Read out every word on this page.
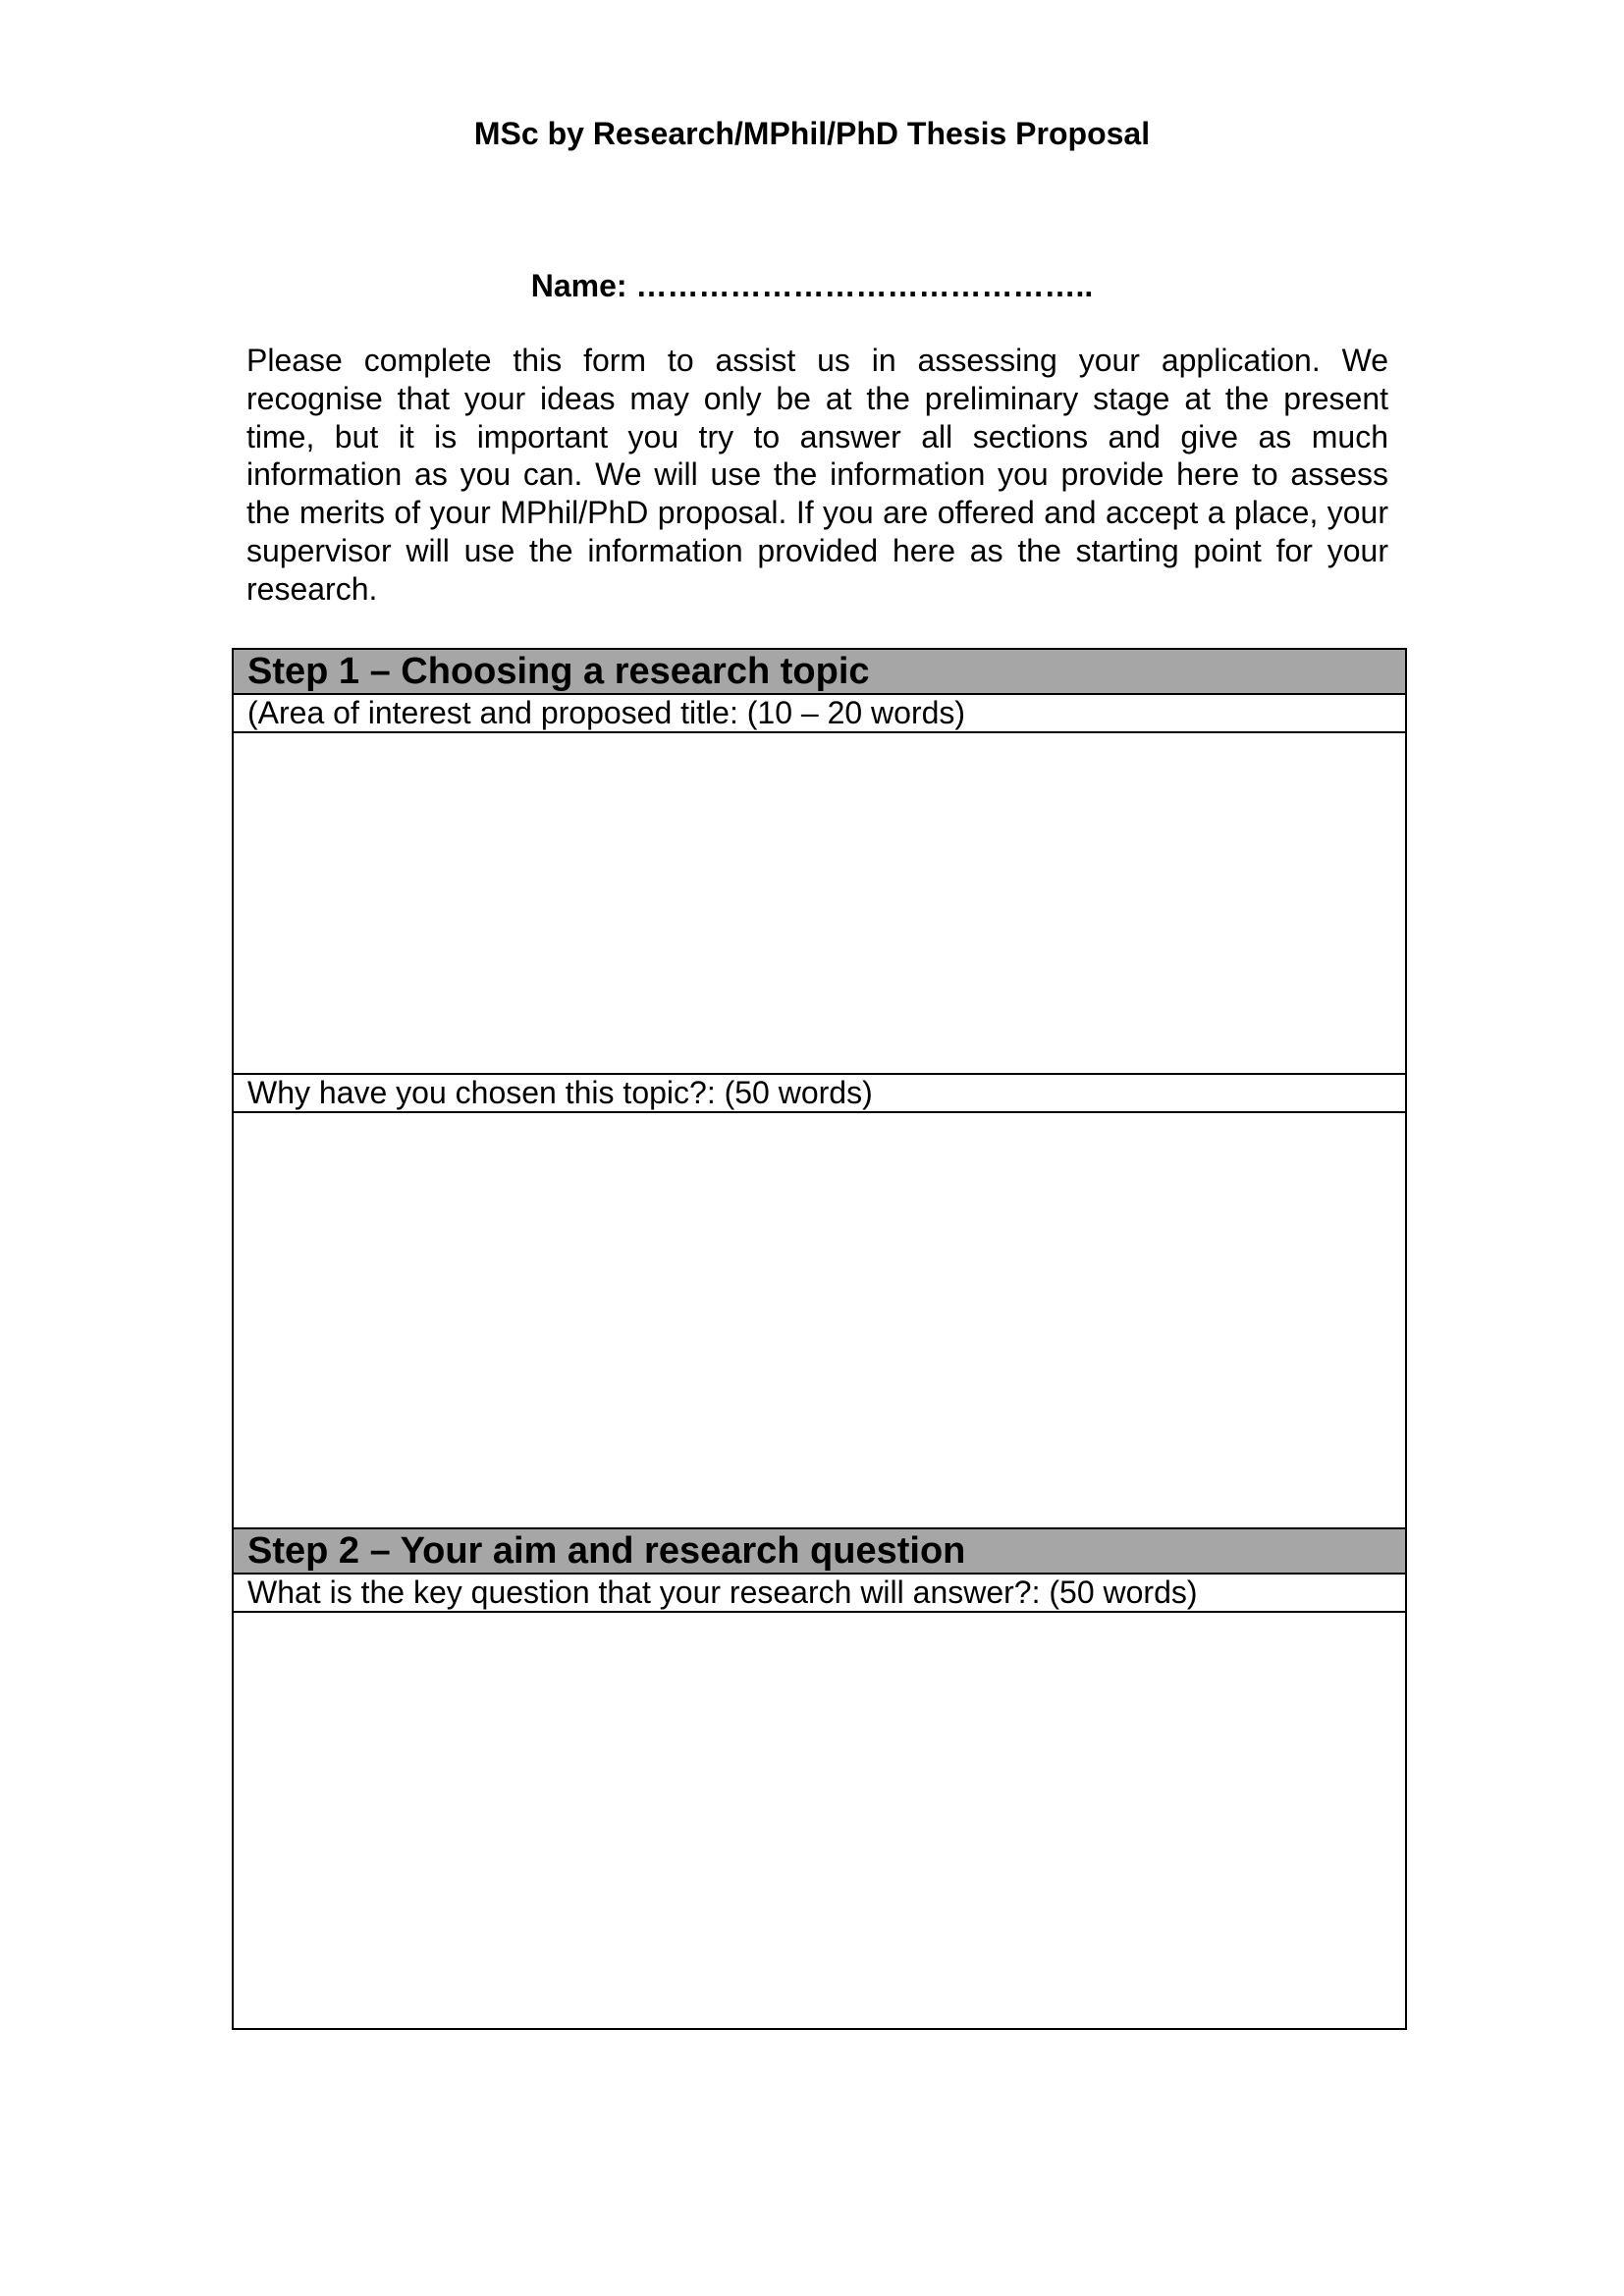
MSc by Research/MPhil/PhD Thesis Proposal
Name: ……………………………………..
Please complete this form to assist us in assessing your application. We recognise that your ideas may only be at the preliminary stage at the present time, but it is important you try to answer all sections and give as much information as you can. We will use the information you provide here to assess the merits of your MPhil/PhD proposal. If you are offered and accept a place, your supervisor will use the information provided here as the starting point for your research.
Step 1 – Choosing a research topic
(Area of interest and proposed title: (10 – 20 words)

Why have you chosen this topic?: (50 words)

Step 2 – Your aim and research question
What is the key question that your research will answer?: (50 words)
